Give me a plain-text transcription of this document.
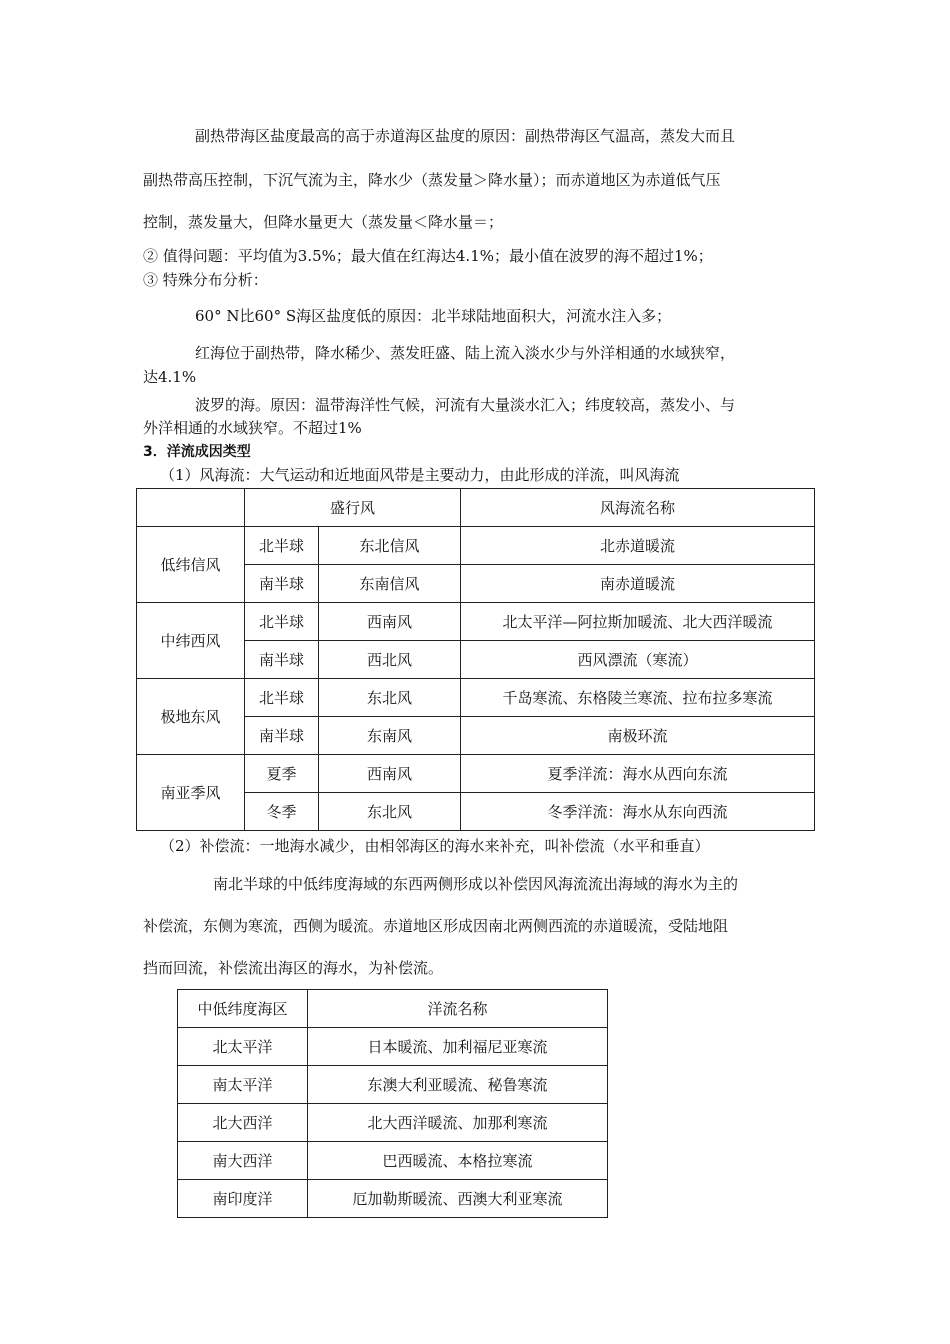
副热带海区盐度最高的高于赤道海区盐度的原因：副热带海区气温高，蒸发大而且
副热带高压控制，下沉气流为主，降水少（蒸发量＞降水量）；而赤道地区为赤道低气压
控制，蒸发量大，但降水量更大（蒸发量＜降水量＝；
② 值得问题：平均值为3.5%；最大值在红海达4.1%；最小值在波罗的海不超过1%；
③ 特殊分布分析：
60° N比60° S海区盐度低的原因：北半球陆地面积大，河流水注入多；
红海位于副热带，降水稀少、蒸发旺盛、陆上流入淡水少与外洋相通的水域狭窄，
达4.1%
波罗的海。原因：温带海洋性气候，河流有大量淡水汇入；纬度较高，蒸发小、与
外洋相通的水域狭窄。不超过1%
3．洋流成因类型
（1）风海流：大气运动和近地面风带是主要动力，由此形成的洋流，叫风海流
	盛行风		风海流名称
低纬信风	北半球	东北信风	北赤道暖流
	南半球	东南信风	南赤道暖流
中纬西风	北半球	西南风	北太平洋—阿拉斯加暖流、北大西洋暖流
	南半球	西北风	西风漂流（寒流）
极地东风	北半球	东北风	千岛寒流、东格陵兰寒流、拉布拉多寒流
	南半球	东南风	南极环流
南亚季风	夏季	西南风	夏季洋流：海水从西向东流
	冬季	东北风	冬季洋流：海水从东向西流
（2）补偿流：一地海水减少，由相邻海区的海水来补充，叫补偿流（水平和垂直）
南北半球的中低纬度海域的东西两侧形成以补偿因风海流流出海域的海水为主的
补偿流，东侧为寒流，西侧为暖流。赤道地区形成因南北两侧西流的赤道暖流，受陆地阻
挡而回流，补偿流出海区的海水，为补偿流。
中低纬度海区	洋流名称
北太平洋	日本暖流、加利福尼亚寒流
南太平洋	东澳大利亚暖流、秘鲁寒流
北大西洋	北大西洋暖流、加那利寒流
南大西洋	巴西暖流、本格拉寒流
南印度洋	厄加勒斯暖流、西澳大利亚寒流
